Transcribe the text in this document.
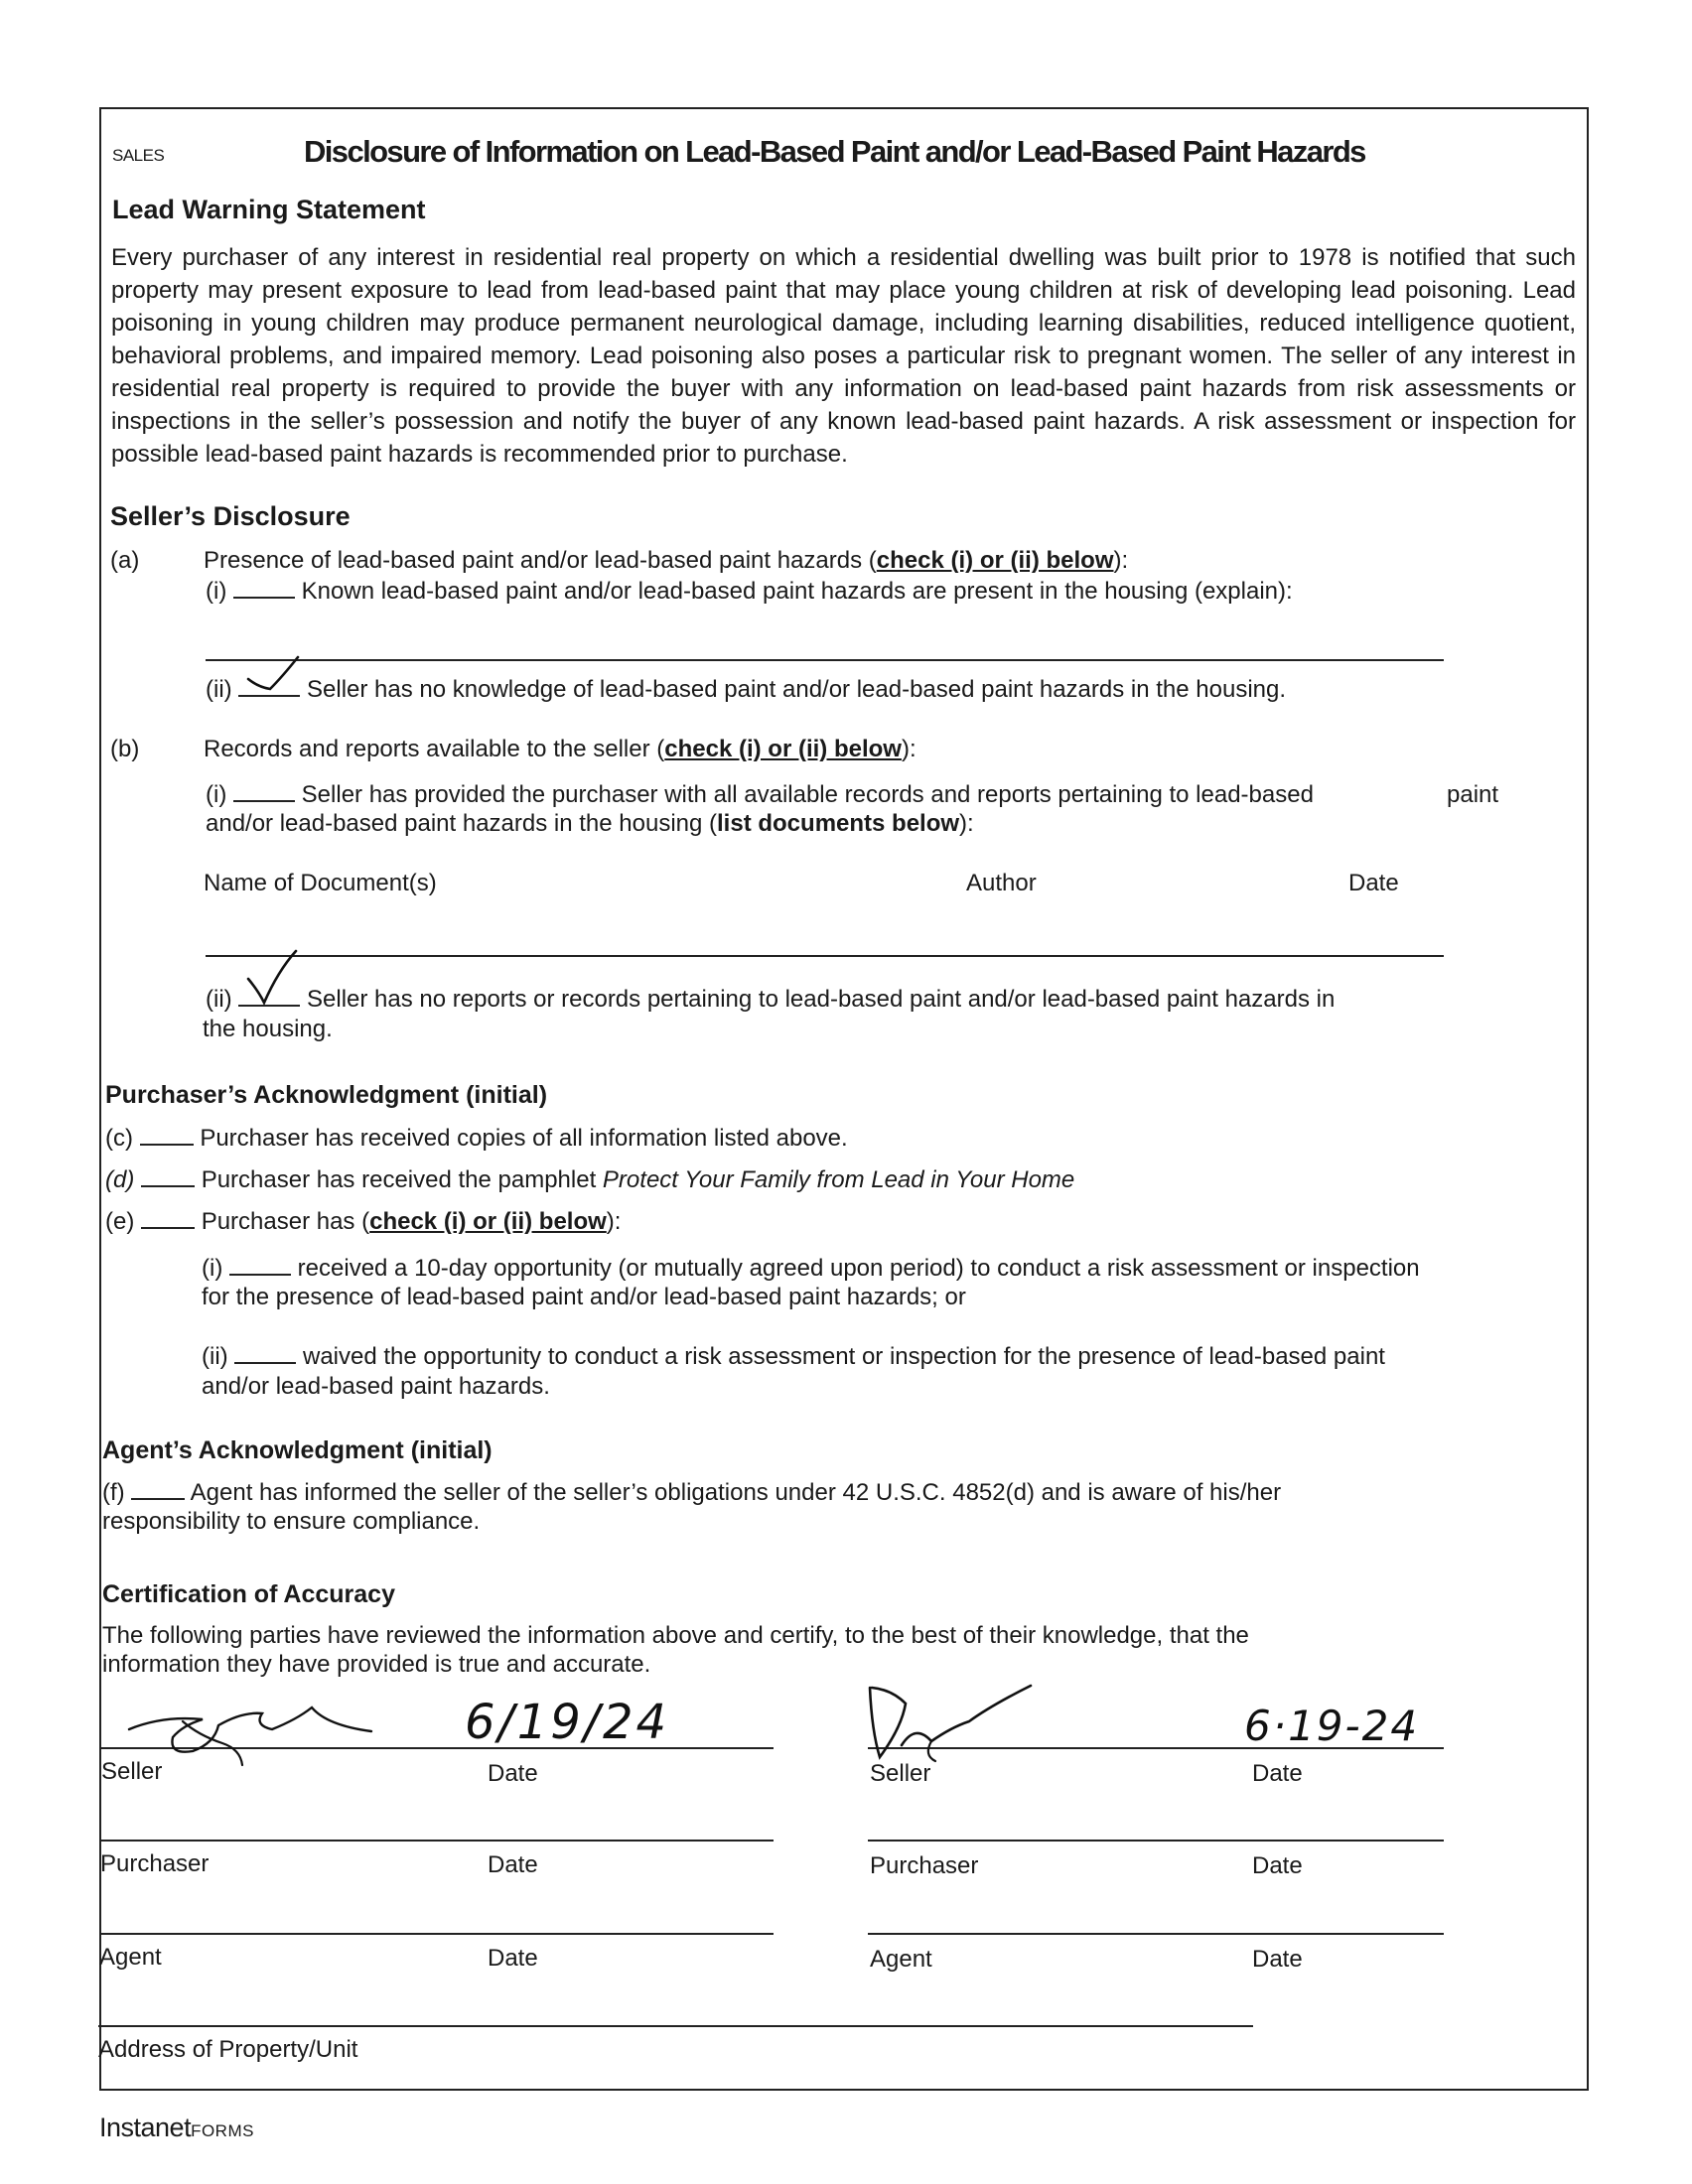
SALES	Disclosure of Information on Lead-Based Paint and/or Lead-Based Paint Hazards
Lead Warning Statement
Every purchaser of any interest in residential real property on which a residential dwelling was built prior to 1978 is notified that such property may present exposure to lead from lead-based paint that may place young children at risk of developing lead poisoning. Lead poisoning in young children may produce permanent neurological damage, including learning disabilities, reduced intelligence quotient, behavioral problems, and impaired memory. Lead poisoning also poses a particular risk to pregnant women. The seller of any interest in residential real property is required to provide the buyer with any information on lead-based paint hazards from risk assessments or inspections in the seller’s possession and notify the buyer of any known lead-based paint hazards. A risk assessment or inspection for possible lead-based paint hazards is recommended prior to purchase.
Seller’s Disclosure
(a)	Presence of lead-based paint and/or lead-based paint hazards (check (i) or (ii) below):
(i)	Known lead-based paint and/or lead-based paint hazards are present in the housing (explain):
(ii)	Seller has no knowledge of lead-based paint and/or lead-based paint hazards in the housing.
(b)	Records and reports available to the seller (check (i) or (ii) below):
(i)	Seller has provided the purchaser with all available records and reports pertaining to lead-based	paint
and/or lead-based paint hazards in the housing (list documents below):
Name of Document(s)	Author	Date
(ii)	Seller has no reports or records pertaining to lead-based paint and/or lead-based paint hazards in
the housing.
Purchaser’s Acknowledgment (initial)
(c)	Purchaser has received copies of all information listed above.
(d)	Purchaser has received the pamphlet Protect Your Family from Lead in Your Home
(e)	Purchaser has (check (i) or (ii) below):
(i)	received a 10-day opportunity (or mutually agreed upon period) to conduct a risk assessment or inspection
for the presence of lead-based paint and/or lead-based paint hazards; or
(ii)	waived the opportunity to conduct a risk assessment or inspection for the presence of lead-based paint
and/or lead-based paint hazards.
Agent’s Acknowledgment (initial)
(f)	Agent has informed the seller of the seller’s obligations under 42 U.S.C. 4852(d) and is aware of his/her
responsibility to ensure compliance.
Certification of Accuracy
The following parties have reviewed the information above and certify, to the best of their knowledge, that the
information they have provided is true and accurate.
6/19/24	6·19-24
Seller	Date	Seller	Date
Purchaser	Date	Purchaser	Date
Agent	Date	Agent	Date
Address of Property/Unit
InstanetFORMS
